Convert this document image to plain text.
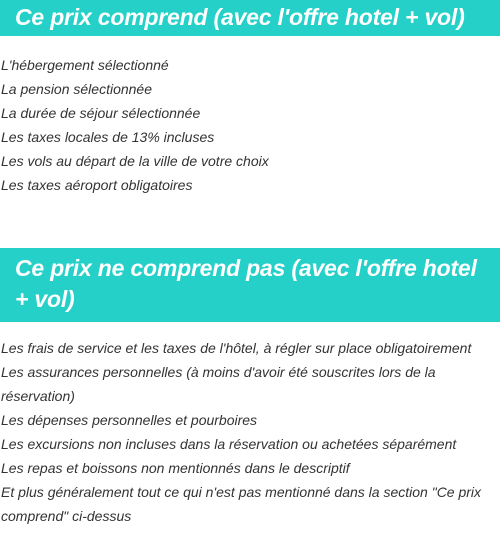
Ce prix comprend (avec l'offre hotel + vol)
L'hébergement sélectionné
La pension sélectionnée
La durée de séjour sélectionnée
Les taxes locales de 13% incluses
Les vols au départ de la ville de votre choix
Les taxes aéroport obligatoires
Ce prix ne comprend pas (avec l'offre hotel + vol)
Les frais de service et les taxes de l'hôtel, à régler sur place obligatoirement
Les assurances personnelles (à moins d'avoir été souscrites lors de la réservation)
Les dépenses personnelles et pourboires
Les excursions non incluses dans la réservation ou achetées séparément
Les repas et boissons non mentionnés dans le descriptif
Et plus généralement tout ce qui n'est pas mentionné dans la section "Ce prix comprend" ci-dessus
